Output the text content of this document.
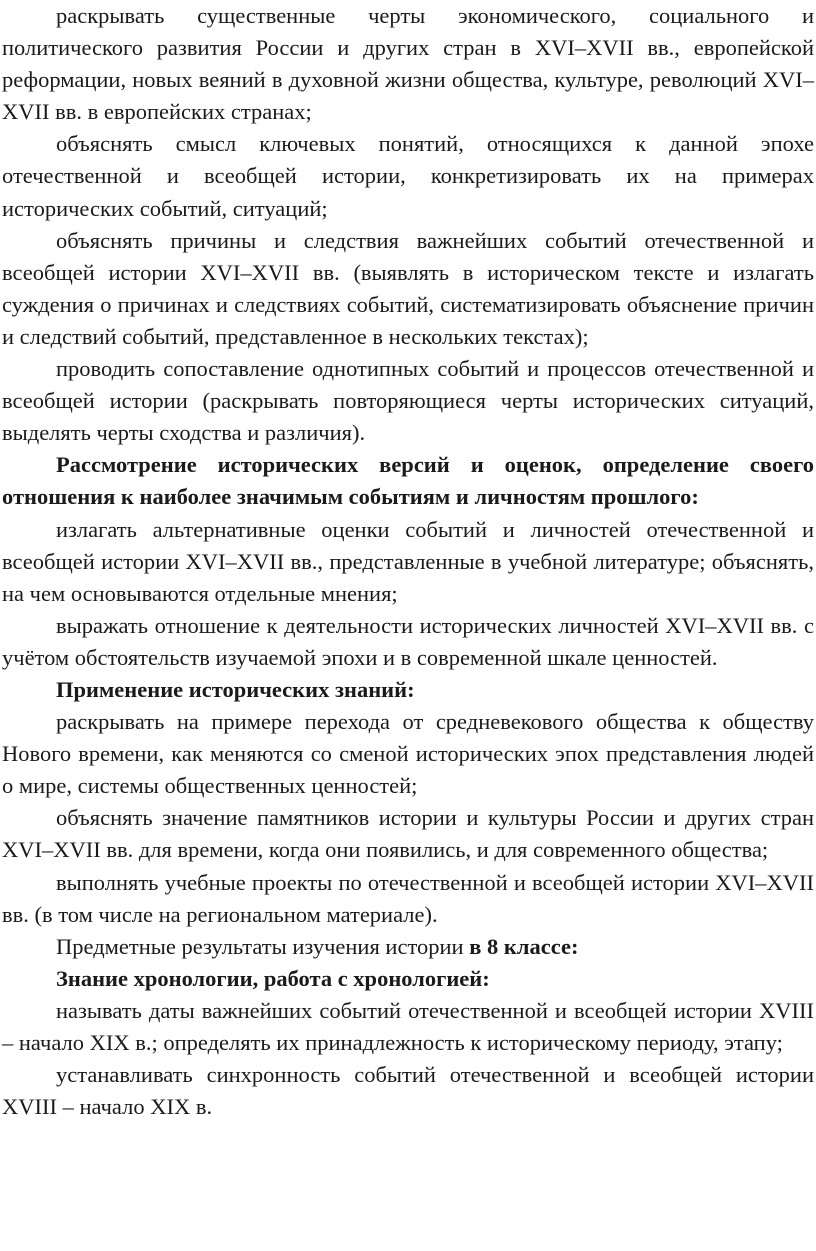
раскрывать существенные черты экономического, социального и политического развития России и других стран в XVI–XVII вв., европейской реформации, новых веяний в духовной жизни общества, культуре, революций XVI–XVII вв. в европейских странах;

объяснять смысл ключевых понятий, относящихся к данной эпохе отечественной и всеобщей истории, конкретизировать их на примерах исторических событий, ситуаций;

объяснять причины и следствия важнейших событий отечественной и всеобщей истории XVI–XVII вв. (выявлять в историческом тексте и излагать суждения о причинах и следствиях событий, систематизировать объяснение причин и следствий событий, представленное в нескольких текстах);

проводить сопоставление однотипных событий и процессов отечественной и всеобщей истории (раскрывать повторяющиеся черты исторических ситуаций, выделять черты сходства и различия).

Рассмотрение исторических версий и оценок, определение своего отношения к наиболее значимым событиям и личностям прошлого:

излагать альтернативные оценки событий и личностей отечественной и всеобщей истории XVI–XVII вв., представленные в учебной литературе; объяснять, на чем основываются отдельные мнения;

выражать отношение к деятельности исторических личностей XVI–XVII вв. с учётом обстоятельств изучаемой эпохи и в современной шкале ценностей.

Применение исторических знаний:

раскрывать на примере перехода от средневекового общества к обществу Нового времени, как меняются со сменой исторических эпох представления людей о мире, системы общественных ценностей;

объяснять значение памятников истории и культуры России и других стран XVI–XVII вв. для времени, когда они появились, и для современного общества;

выполнять учебные проекты по отечественной и всеобщей истории XVI–XVII вв. (в том числе на региональном материале).

Предметные результаты изучения истории в 8 классе:

Знание хронологии, работа с хронологией:

называть даты важнейших событий отечественной и всеобщей истории XVIII – начало XIX в.; определять их принадлежность к историческому периоду, этапу;

устанавливать синхронность событий отечественной и всеобщей истории XVIII – начало XIX в.
